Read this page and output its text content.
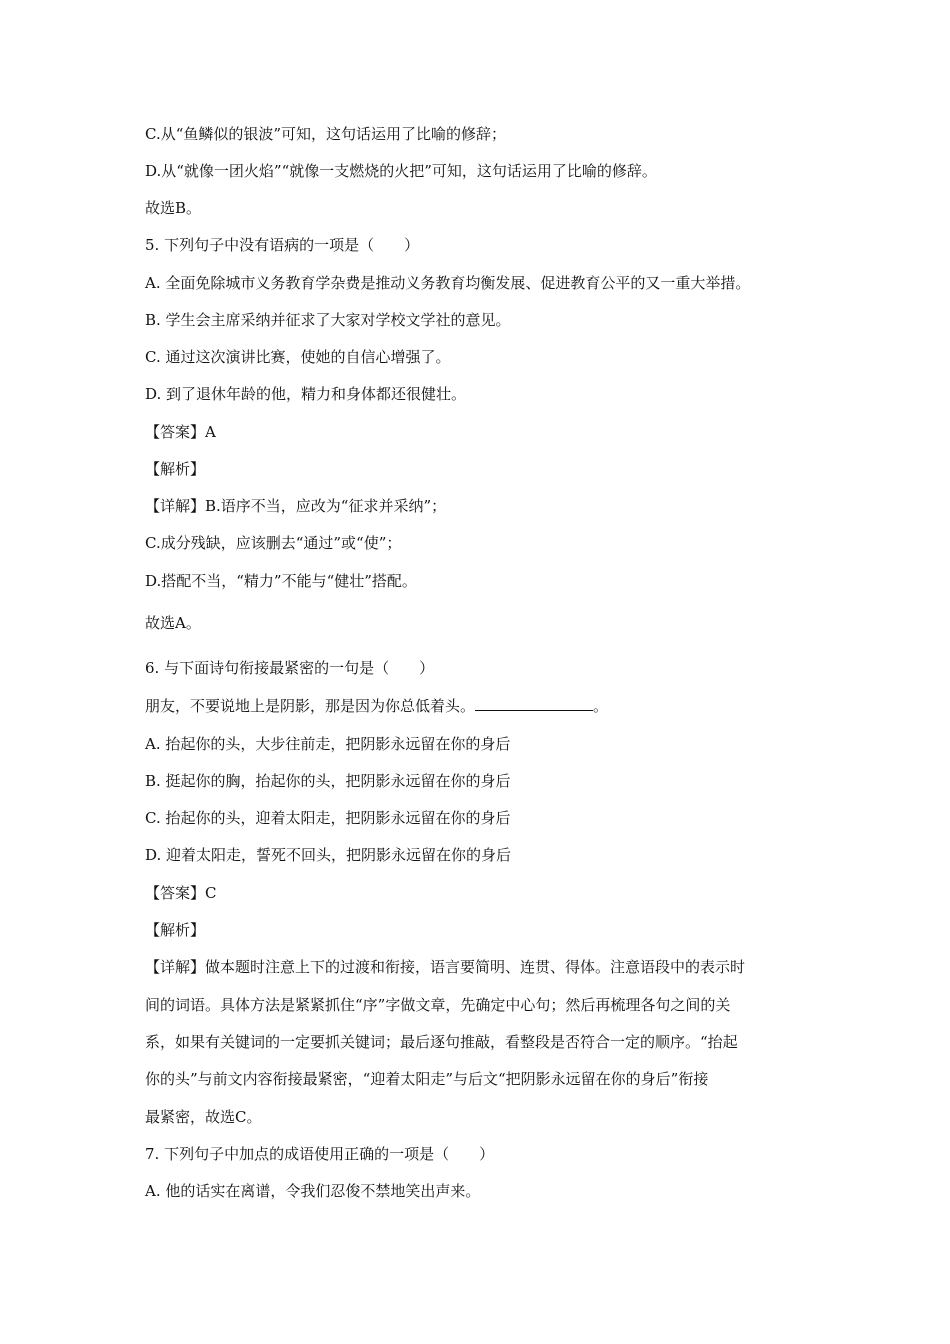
C.从“鱼鳞似的银波”可知，这句话运用了比喻的修辞；
D.从“就像一团火焰”“就像一支燃烧的火把”可知，这句话运用了比喻的修辞。
故选B。
5. 下列句子中没有语病的一项是（　　）
A. 全面免除城市义务教育学杂费是推动义务教育均衡发展、促进教育公平的又一重大举措。
B. 学生会主席采纳并征求了大家对学校文学社的意见。
C. 通过这次演讲比赛，使她的自信心增强了。
D. 到了退休年龄的他，精力和身体都还很健壮。
【答案】A
【解析】
【详解】B.语序不当，应改为“征求并采纳”；
C.成分残缺，应该删去“通过”或“使”；
D.搭配不当，“精力”不能与“健壮”搭配。
故选A。
6. 与下面诗句衔接最紧密的一句是（　　）
朋友，不要说地上是阴影，那是因为你总低着头。	。
A. 抬起你的头，大步往前走，把阴影永远留在你的身后
B. 挺起你的胸，抬起你的头，把阴影永远留在你的身后
C. 抬起你的头，迎着太阳走，把阴影永远留在你的身后
D. 迎着太阳走，誓死不回头，把阴影永远留在你的身后
【答案】C
【解析】
【详解】做本题时注意上下的过渡和衔接，语言要简明、连贯、得体。注意语段中的表示时
间的词语。具体方法是紧紧抓住“序”字做文章，先确定中心句；然后再梳理各句之间的关
系，如果有关键词的一定要抓关键词；最后逐句推敲，看整段是否符合一定的顺序。“抬起
你的头”与前文内容衔接最紧密，“迎着太阳走”与后文“把阴影永远留在你的身后”衔接
最紧密，故选C。
7. 下列句子中加点的成语使用正确的一项是（　　）
A. 他的话实在离谱，令我们忍俊不禁地笑出声来。
